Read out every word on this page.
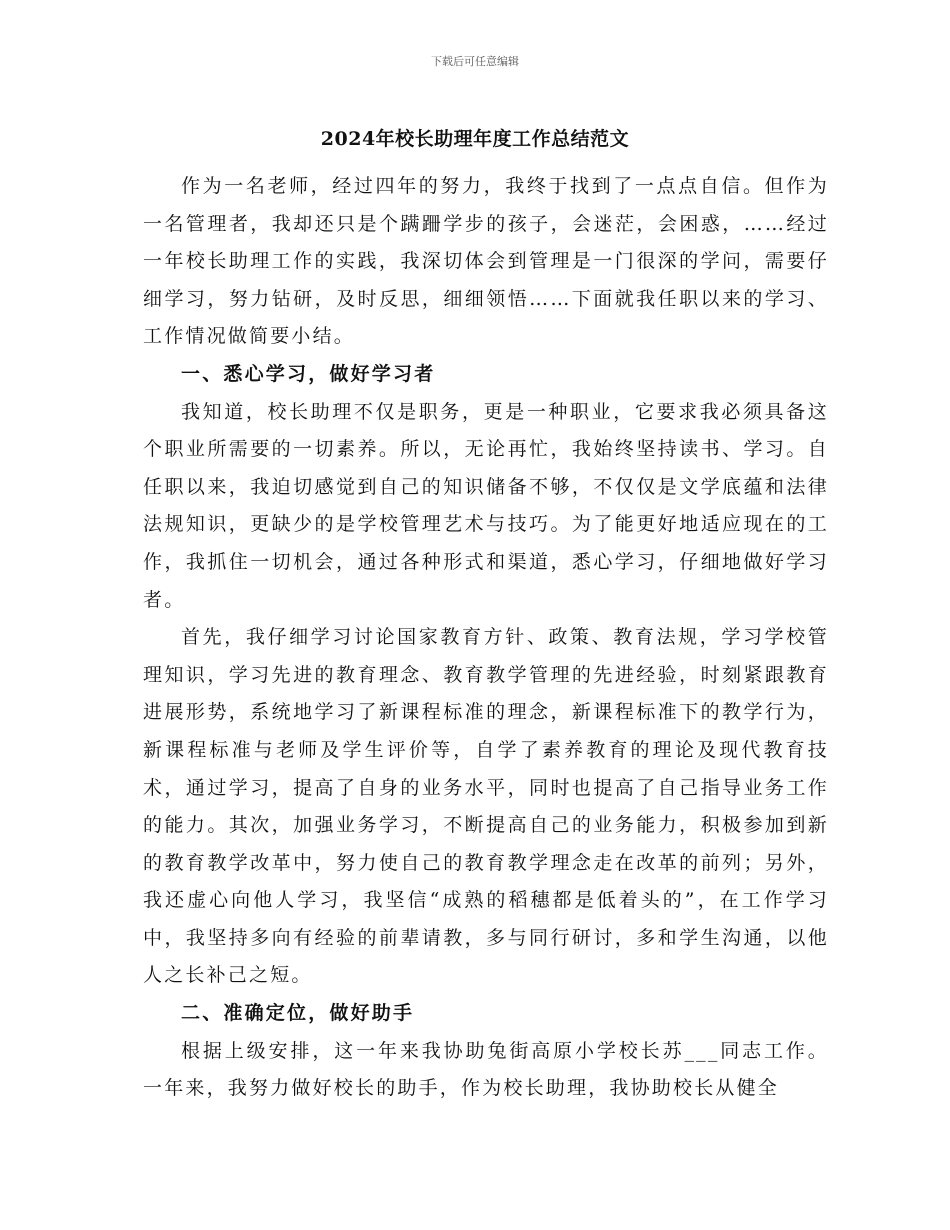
下载后可任意编辑
2024年校长助理年度工作总结范文

作为一名老师，经过四年的努力，我终于找到了一点点自信。但作为一名管理者，我却还只是个蹒跚学步的孩子，会迷茫，会困惑，……经过一年校长助理工作的实践，我深切体会到管理是一门很深的学问，需要仔细学习，努力钻研，及时反思，细细领悟……下面就我任职以来的学习、工作情况做简要小结。

一、悉心学习，做好学习者

我知道，校长助理不仅是职务，更是一种职业，它要求我必须具备这个职业所需要的一切素养。所以，无论再忙，我始终坚持读书、学习。自任职以来，我迫切感觉到自己的知识储备不够，不仅仅是文学底蕴和法律法规知识，更缺少的是学校管理艺术与技巧。为了能更好地适应现在的工作，我抓住一切机会，通过各种形式和渠道，悉心学习，仔细地做好学习者。

首先，我仔细学习讨论国家教育方针、政策、教育法规，学习学校管理知识，学习先进的教育理念、教育教学管理的先进经验，时刻紧跟教育进展形势，系统地学习了新课程标准的理念，新课程标准下的教学行为，新课程标准与老师及学生评价等，自学了素养教育的理论及现代教育技术，通过学习，提高了自身的业务水平，同时也提高了自己指导业务工作的能力。其次，加强业务学习，不断提高自己的业务能力，积极参加到新的教育教学改革中，努力使自己的教育教学理念走在改革的前列；另外，我还虚心向他人学习，我坚信“成熟的稻穗都是低着头的”，在工作学习中，我坚持多向有经验的前辈请教，多与同行研讨，多和学生沟通，以他人之长补己之短。

二、准确定位，做好助手

根据上级安排，这一年来我协助兔街高原小学校长苏___同志工作。一年来，我努力做好校长的助手，作为校长助理，我协助校长从健全
